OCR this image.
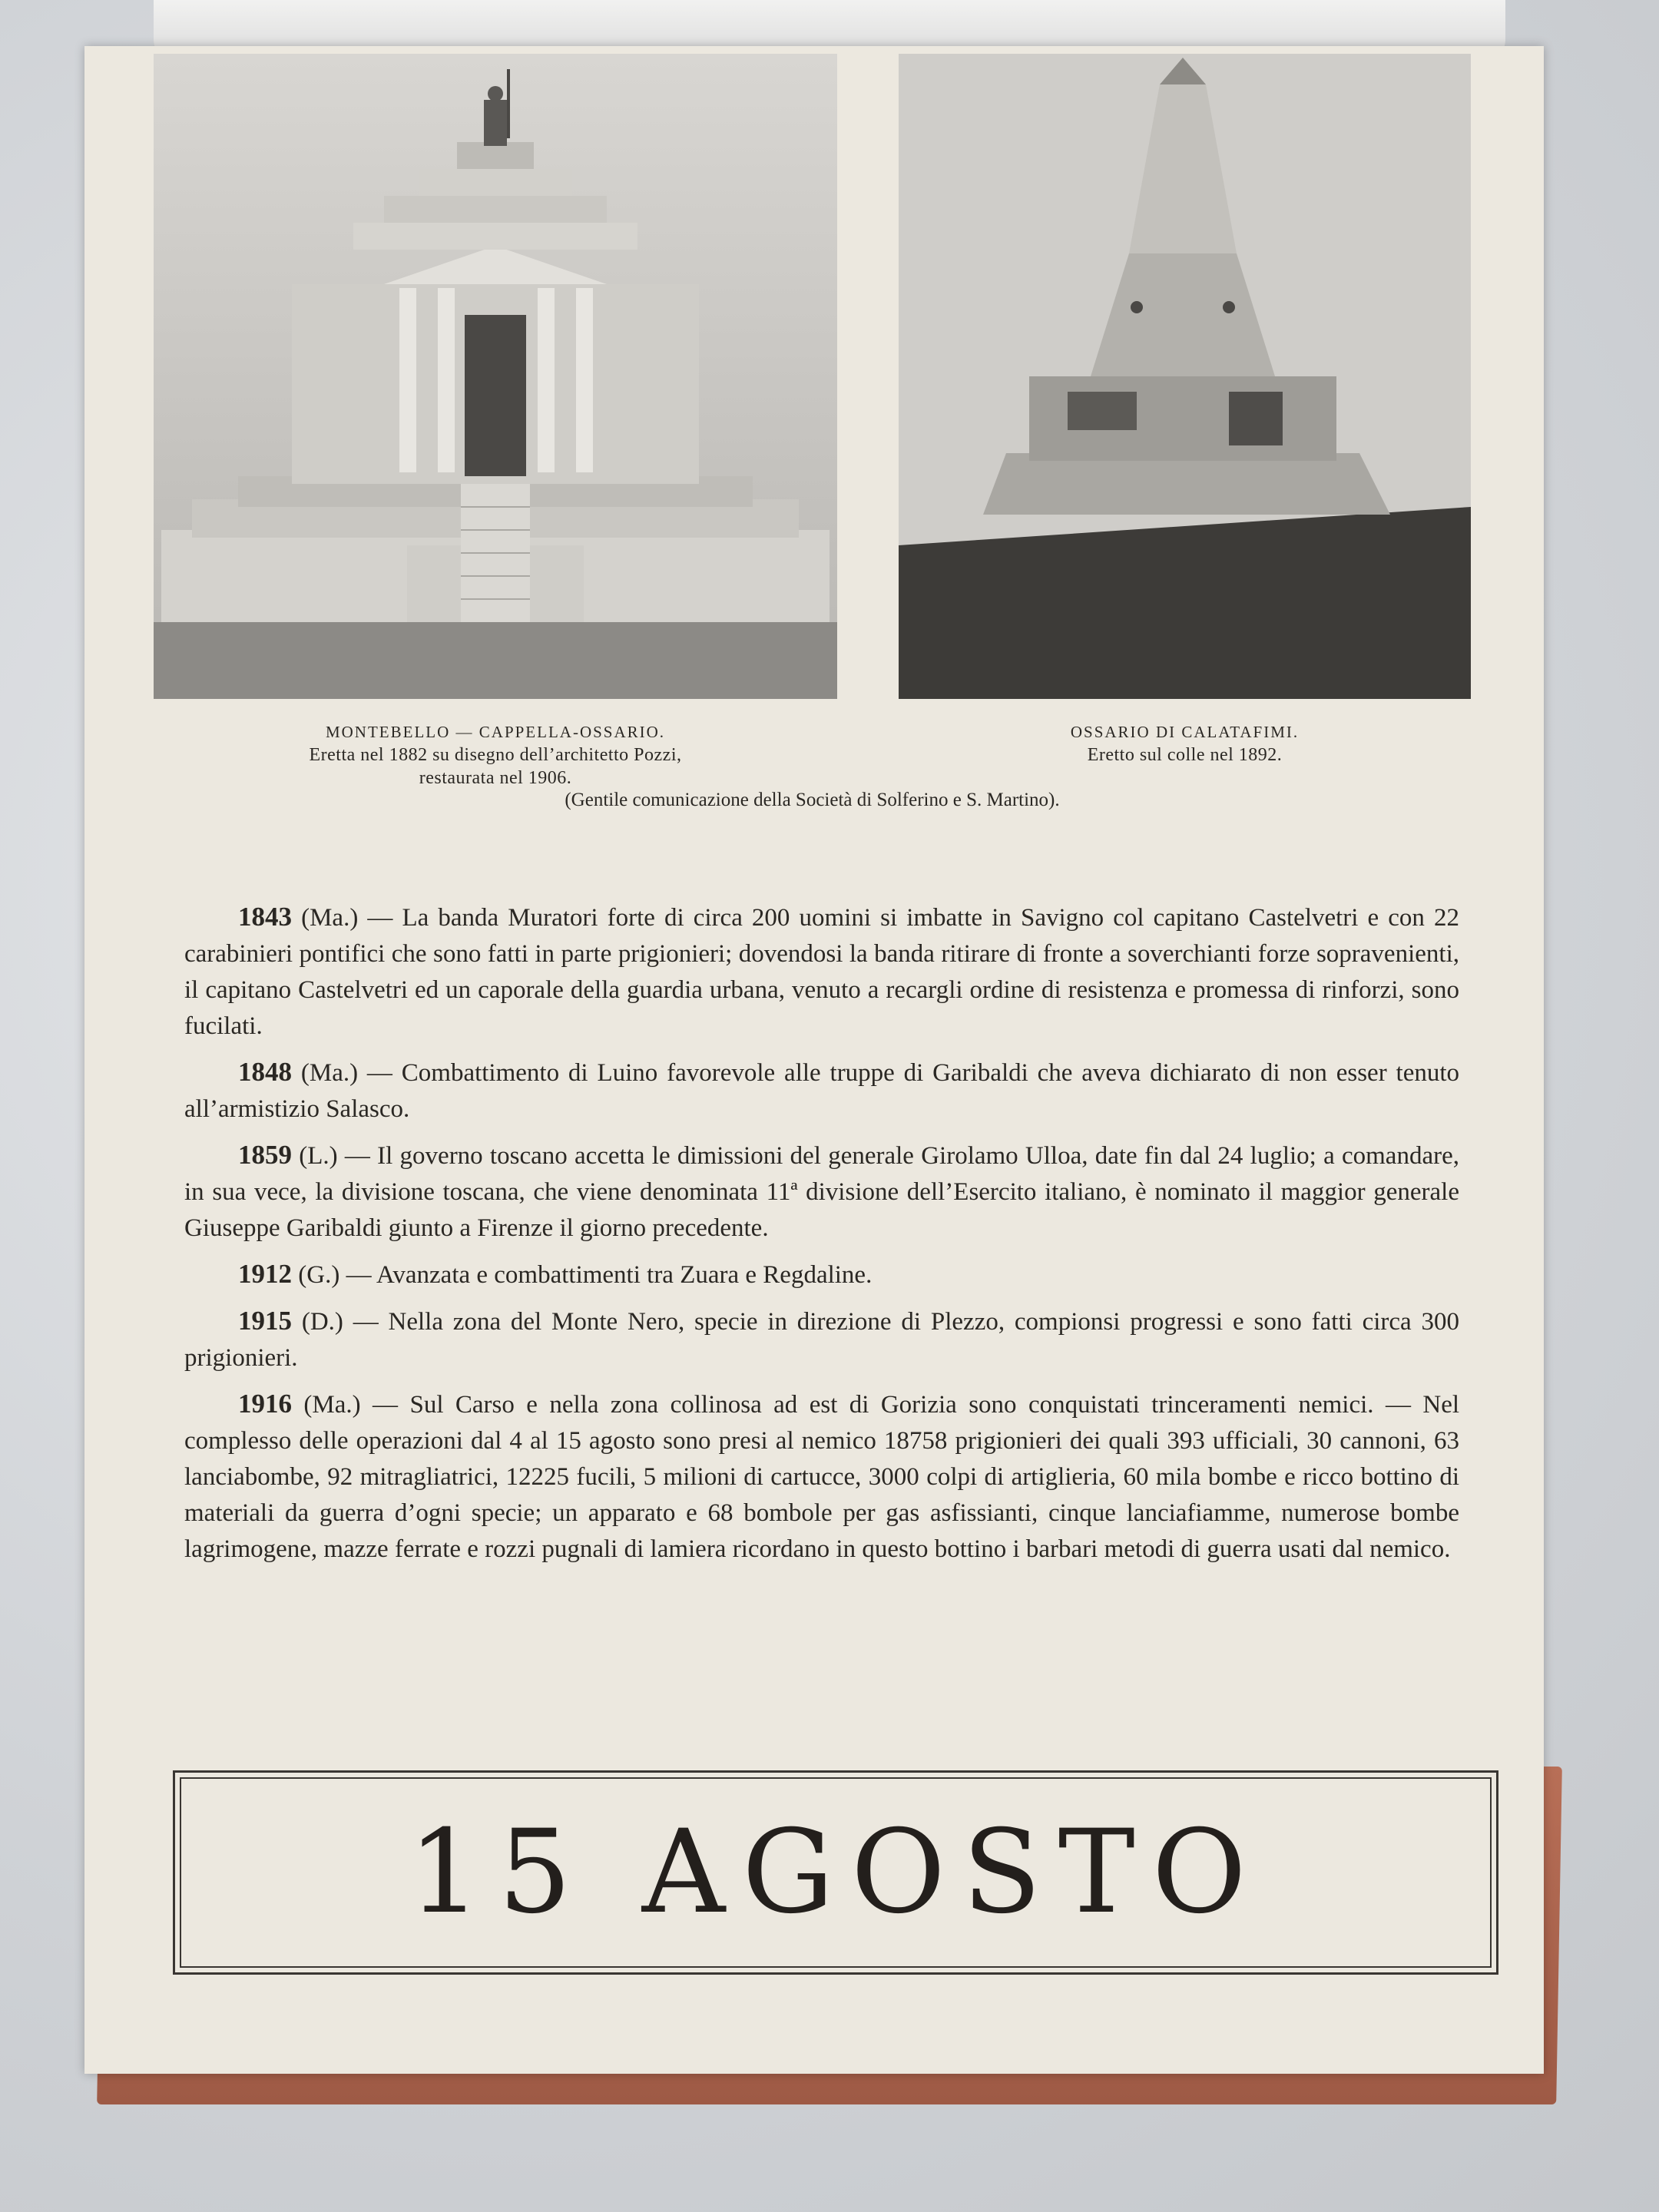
MONTEBELLO — CAPPELLA-OSSARIO.
Eretta nel 1882 su disegno dell’architetto Pozzi,
restaurata nel 1906.
OSSARIO DI CALATAFIMI.
Eretto sul colle nel 1892.
(Gentile comunicazione della Società di Solferino e S. Martino).

1843 (Ma.) — La banda Muratori forte di circa 200 uomini si imbatte in Savigno col capitano Castelvetri e con 22 carabinieri pontifici che sono fatti in parte prigionieri; dovendosi la banda ritirare di fronte a soverchianti forze sopravenienti, il capitano Castelvetri ed un caporale della guardia urbana, venuto a recargli ordine di resistenza e promessa di rinforzi, sono fucilati.

1848 (Ma.) — Combattimento di Luino favorevole alle truppe di Garibaldi che aveva dichiarato di non esser tenuto all’armistizio Salasco.

1859 (L.) — Il governo toscano accetta le dimissioni del generale Girolamo Ulloa, date fin dal 24 luglio; a comandare, in sua vece, la divisione toscana, che viene denominata 11ª divisione dell’Esercito italiano, è nominato il maggior generale Giuseppe Garibaldi giunto a Firenze il giorno precedente.

1912 (G.) — Avanzata e combattimenti tra Zuara e Regdaline.

1915 (D.) — Nella zona del Monte Nero, specie in direzione di Plezzo, compionsi progressi e sono fatti circa 300 prigionieri.

1916 (Ma.) — Sul Carso e nella zona collinosa ad est di Gorizia sono conquistati trinceramenti nemici. — Nel complesso delle operazioni dal 4 al 15 agosto sono presi al nemico 18758 prigionieri dei quali 393 ufficiali, 30 cannoni, 63 lanciabombe, 92 mitragliatrici, 12225 fucili, 5 milioni di cartucce, 3000 colpi di artiglieria, 60 mila bombe e ricco bottino di materiali da guerra d’ogni specie; un apparato e 68 bombole per gas asfissianti, cinque lanciafiamme, numerose bombe lagrimogene, mazze ferrate e rozzi pugnali di lamiera ricordano in questo bottino i barbari metodi di guerra usati dal nemico.

15 AGOSTO
